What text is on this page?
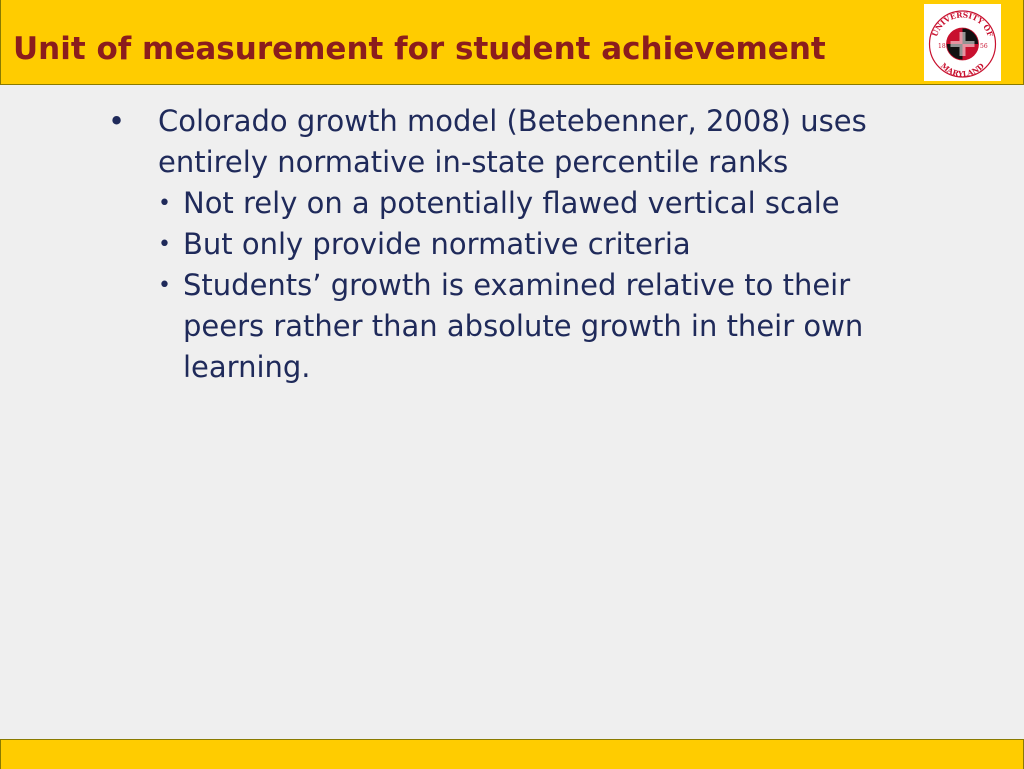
Unit of measurement for student achievement	UNIVERSITY OF
MARYLAND
18	56

• Colorado growth model (Betebenner, 2008) uses entirely normative in-state percentile ranks

• Not rely on a potentially flawed vertical scale

• But only provide normative criteria

• Students’ growth is examined relative to their peers rather than absolute growth in their own learning.
